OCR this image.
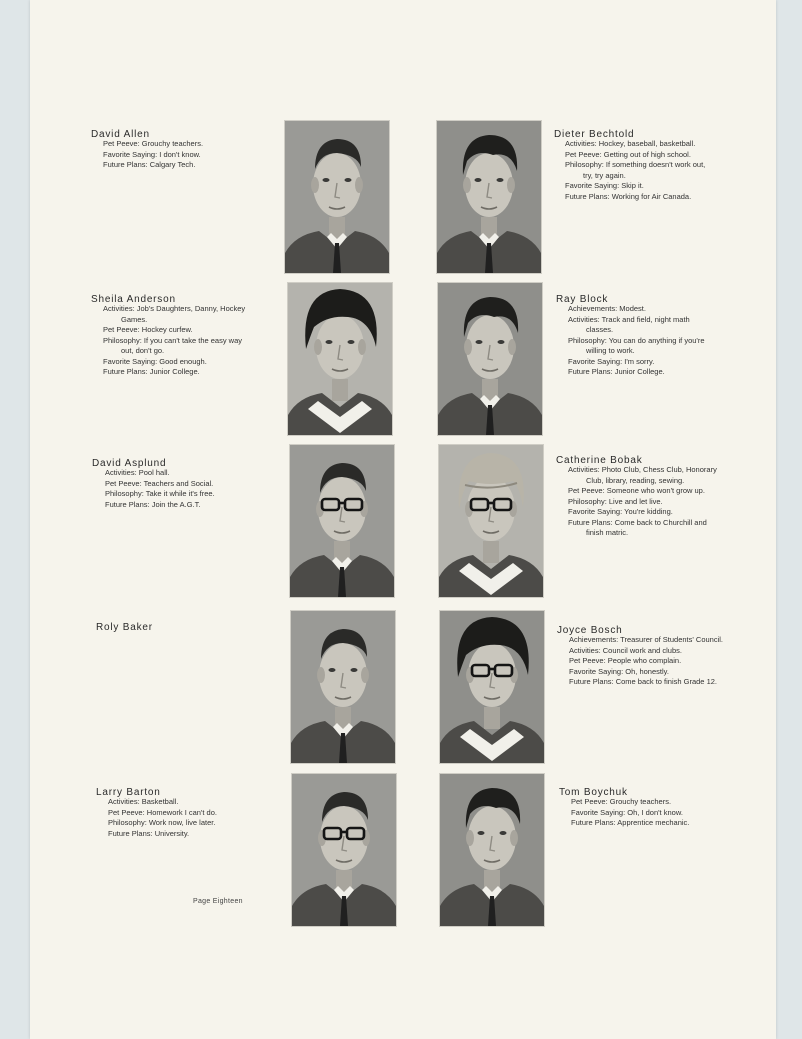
Page Eighteen
David Allen
Pet Peeve: Grouchy teachers.
Favorite Saying: I don't know.
Future Plans: Calgary Tech.
Dieter Bechtold
Activities: Hockey, baseball, basketball.
Pet Peeve: Getting out of high school.
Philosophy: If something doesn't work out,
try, try again.
Favorite Saying: Skip it.
Future Plans: Working for Air Canada.
Sheila Anderson
Activities: Job's Daughters, Danny, Hockey
Games.
Pet Peeve: Hockey curfew.
Philosophy: If you can't take the easy way
out, don't go.
Favorite Saying: Good enough.
Future Plans: Junior College.
Ray Block
Achievements: Modest.
Activities: Track and field, night math
classes.
Philosophy: You can do anything if you're
willing to work.
Favorite Saying: I'm sorry.
Future Plans: Junior College.
David Asplund
Activities: Pool hall.
Pet Peeve: Teachers and Social.
Philosophy: Take it while it's free.
Future Plans: Join the A.G.T.
Catherine Bobak
Activities: Photo Club, Chess Club, Honorary
Club, library, reading, sewing.
Pet Peeve: Someone who won't grow up.
Philosophy: Live and let live.
Favorite Saying: You're kidding.
Future Plans: Come back to Churchill and
finish matric.
Roly Baker	Joyce Bosch
Achievements: Treasurer of Students' Council.
Activities: Council work and clubs.
Pet Peeve: People who complain.
Favorite Saying: Oh, honestly.
Future Plans: Come back to finish Grade 12.
Larry Barton
Activities: Basketball.
Pet Peeve: Homework I can't do.
Philosophy: Work now, live later.
Future Plans: University.
Tom Boychuk
Pet Peeve: Grouchy teachers.
Favorite Saying: Oh, I don't know.
Future Plans: Apprentice mechanic.
